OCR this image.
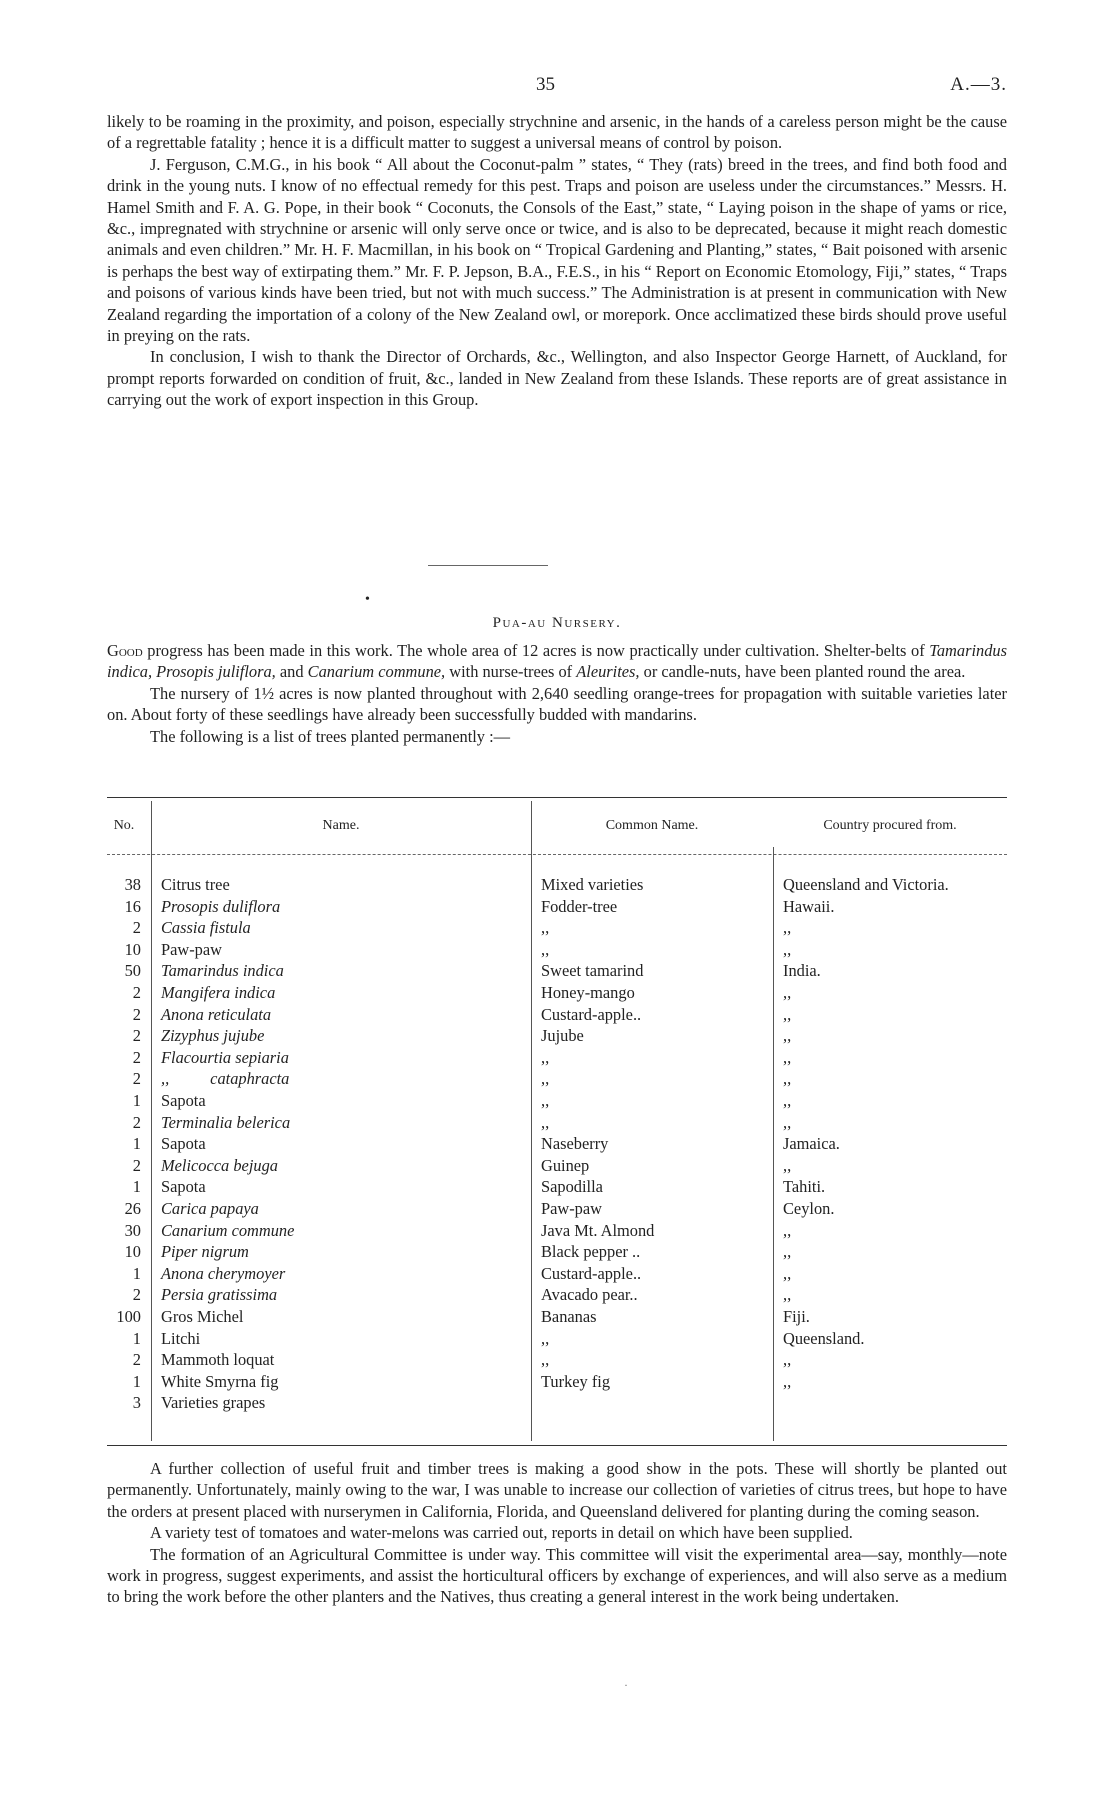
35	A.—3.

likely to be roaming in the proximity, and poison, especially strychnine and arsenic, in the hands of a careless person might be the cause of a regrettable fatality ; hence it is a difficult matter to suggest a universal means of control by poison.

J. Ferguson, C.M.G., in his book “ All about the Coconut-palm ” states, “ They (rats) breed in the trees, and find both food and drink in the young nuts. I know of no effectual remedy for this pest. Traps and poison are useless under the circumstances.” Messrs. H. Hamel Smith and F. A. G. Pope, in their book “ Coconuts, the Consols of the East,” state, “ Laying poison in the shape of yams or rice, &c., impregnated with strychnine or arsenic will only serve once or twice, and is also to be deprecated, because it might reach domestic animals and even children.” Mr. H. F. Macmillan, in his book on “ Tropical Gardening and Planting,” states, “ Bait poisoned with arsenic is perhaps the best way of extirpating them.” Mr. F. P. Jepson, B.A., F.E.S., in his “ Report on Economic Etomology, Fiji,” states, “ Traps and poisons of various kinds have been tried, but not with much success.” The Administration is at present in communication with New Zealand regarding the importation of a colony of the New Zealand owl, or morepork. Once acclimatized these birds should prove useful in preying on the rats.

In conclusion, I wish to thank the Director of Orchards, &c., Wellington, and also Inspector George Harnett, of Auckland, for prompt reports forwarded on condition of fruit, &c., landed in New Zealand from these Islands. These reports are of great assistance in carrying out the work of export inspection in this Group.

•
Pua-au Nursery.

Good progress has been made in this work. The whole area of 12 acres is now practically under cultivation. Shelter-belts of Tamarindus indica, Prosopis juliflora, and Canarium commune, with nurse-trees of Aleurites, or candle-nuts, have been planted round the area.

The nursery of 1½ acres is now planted throughout with 2,640 seedling orange-trees for propagation with suitable varieties later on. About forty of these seedlings have already been successfully budded with mandarins.

The following is a list of trees planted permanently :—

No.	Name.	Common Name.	Country procured from.
38 Citrus tree	Mixed varieties	Queensland and Victoria.
16 Prosopis duliflora	Fodder-tree	Hawaii.
2 Cassia fistula	,,	,,
10 Paw-paw	,,	,,
50 Tamarindus indica	Sweet tamarind	India.
2 Mangifera indica	Honey-mango	,,
2 Anona reticulata	Custard-apple..	,,
2 Zizyphus jujube	Jujube	,,
2 Flacourtia sepiaria	,,	,,
2 ,,          cataphracta	,,	,,
1 Sapota	,,	,,
2 Terminalia belerica	,,	,,
1 Sapota	Naseberry	Jamaica.
2 Melicocca bejuga	Guinep	,,
1 Sapota	Sapodilla	Tahiti.
26 Carica papaya	Paw-paw	Ceylon.
30 Canarium commune	Java Mt. Almond	,,
10 Piper nigrum	Black pepper ..	,,
1 Anona cherymoyer	Custard-apple..	,,
2 Persia gratissima	Avacado pear..	,,
100 Gros Michel	Bananas	Fiji.
1 Litchi	,,	Queensland.
2 Mammoth loquat	,,	,,
1 White Smyrna fig	Turkey fig	,,
3 Varieties grapes

A further collection of useful fruit and timber trees is making a good show in the pots. These will shortly be planted out permanently. Unfortunately, mainly owing to the war, I was unable to increase our collection of varieties of citrus trees, but hope to have the orders at present placed with nurserymen in California, Florida, and Queensland delivered for planting during the coming season.

A variety test of tomatoes and water-melons was carried out, reports in detail on which have been supplied.

The formation of an Agricultural Committee is under way. This committee will visit the experimental area—say, monthly—note work in progress, suggest experiments, and assist the horticultural officers by exchange of experiences, and will also serve as a medium to bring the work before the other planters and the Natives, thus creating a general interest in the work being undertaken.

·
